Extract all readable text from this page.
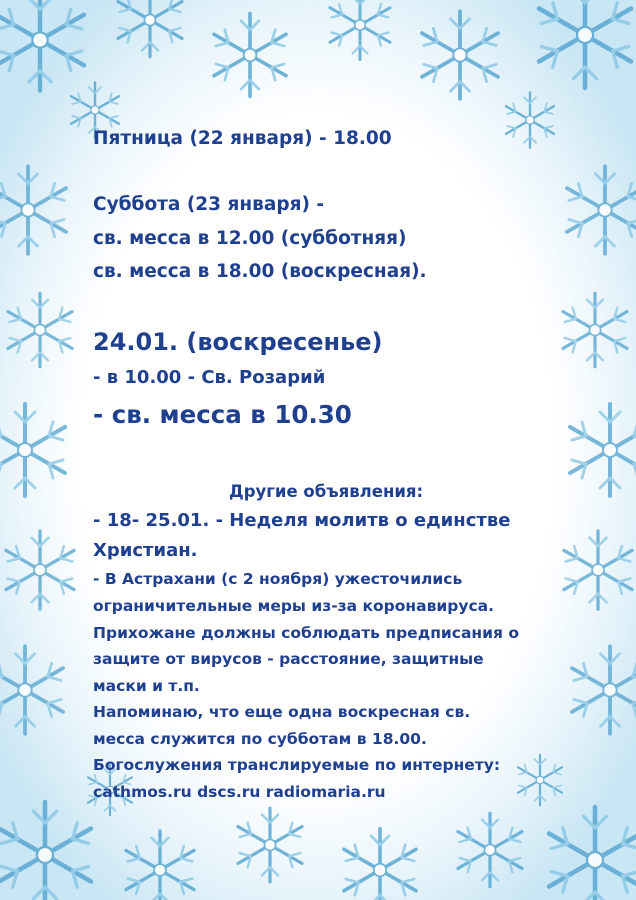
Пятница (22 января) - 18.00
Суббота (23 января) -
св. месса в 12.00 (субботняя)
св. месса в 18.00 (воскресная).
24.01. (воскресенье)
- в 10.00 - Св. Розарий
- св. месса в 10.30
Другие объявления:
- 18- 25.01. - Неделя молитв о единстве
Христиан.
- В Астрахани (с 2 ноября) ужесточились
ограничительные меры из-за коронавируса.
Прихожане должны соблюдать предписания о
защите от вирусов - расстояние, защитные
маски и т.п.
Напоминаю, что еще одна воскресная св.
месса служится по субботам в 18.00.
Богослужения транслируемые по интернету:
cathmos.ru dscs.ru radiomaria.ru
